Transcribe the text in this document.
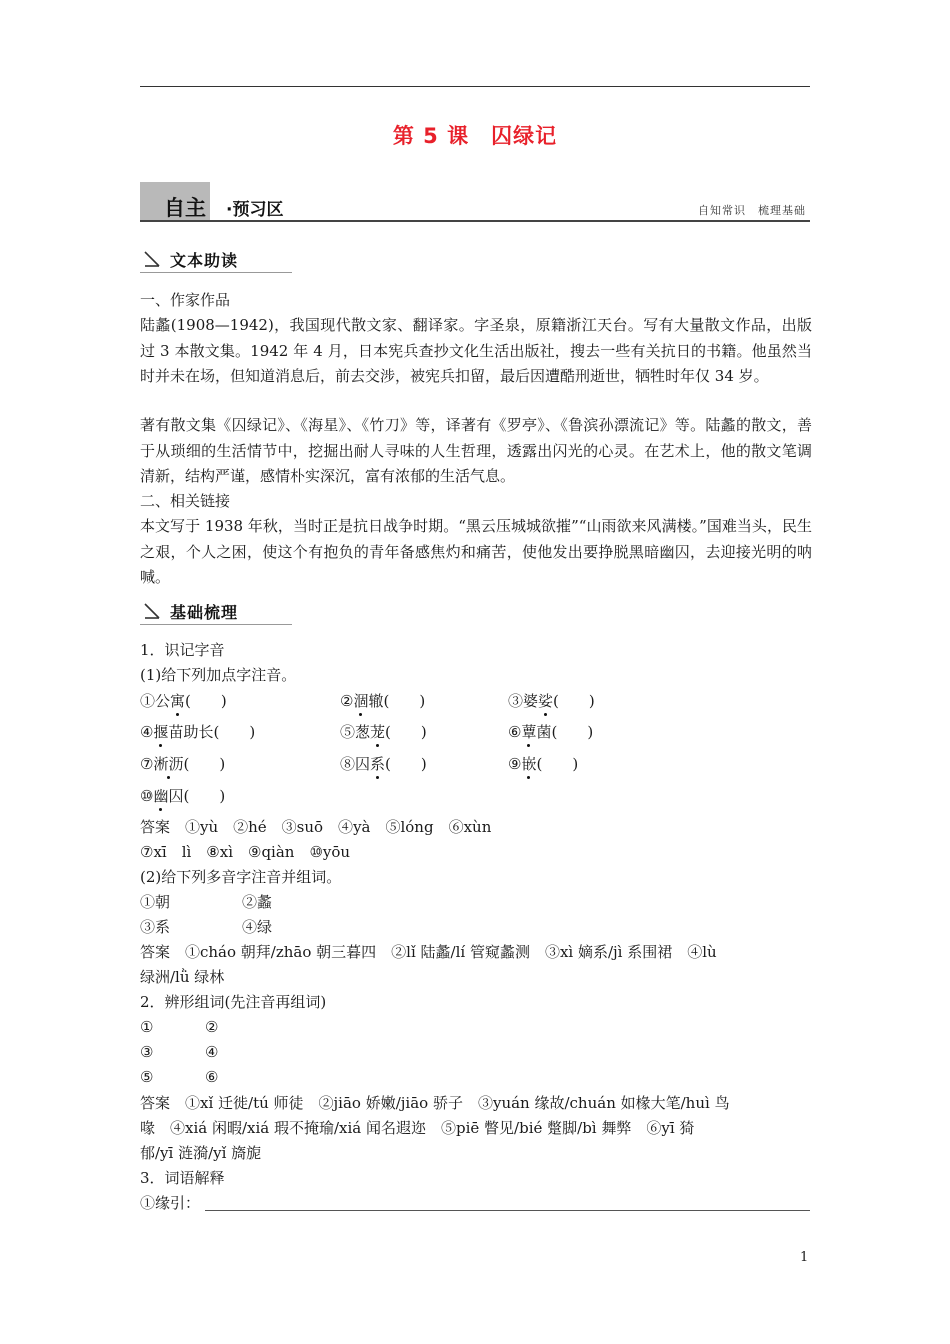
第 5 课 囚绿记
自主 ·预习区	自知常识　梳理基础
文本助读
一、作家作品
陆蠡(1908—1942)，我国现代散文家、翻译家。字圣泉，原籍浙江天台。写有大量散文作品，出版过 3 本散文集。1942 年 4 月，日本宪兵查抄文化生活出版社，搜去一些有关抗日的书籍。他虽然当时并未在场，但知道消息后，前去交涉，被宪兵扣留，最后因遭酷刑逝世，牺牲时年仅 34 岁。
著有散文集《囚绿记》、《海星》、《竹刀》等，译著有《罗亭》、《鲁滨孙漂流记》等。陆蠡的散文，善于从琐细的生活情节中，挖掘出耐人寻味的人生哲理，透露出闪光的心灵。在艺术上，他的散文笔调清新，结构严谨，感情朴实深沉，富有浓郁的生活气息。
二、相关链接
本文写于 1938 年秋，当时正是抗日战争时期。“黑云压城城欲摧”“山雨欲来风满楼。”国难当头，民生之艰，个人之困，使这个有抱负的青年备感焦灼和痛苦，使他发出要挣脱黑暗幽囚，去迎接光明的呐喊。
基础梳理
1．识记字音
(1)给下列加点字注音。
①公寓(　　)	②涸辙(　　)	③婆娑(　　)
④揠苗助长(　　)	⑤葱茏(　　)	⑥蕈菌(　　)
⑦淅沥(　　)	⑧囚系(　　)	⑨嵌(　　)
⑩幽囚(　　)
答案　①yù　②hé　③suō　④yà　⑤lóng　⑥xùn
⑦xī　lì　⑧xì　⑨qiàn　⑩yōu
(2)给下列多音字注音并组词。
①朝	②蠡
③系	④绿
答案　①cháo 朝拜/zhāo 朝三暮四　②lǐ 陆蠡/lí 管窥蠡测　③xì 嫡系/jì 系围裙　④lù
绿洲/lǜ 绿林
2．辨形组词(先注音再组词)
①	②
③	④
⑤	⑥
答案　①xǐ 迁徙/tú 师徒　②jiāo 娇嫩/jiāo 骄子　③yuán 缘故/chuán 如椽大笔/huì 鸟
喙　④xiá 闲暇/xiá 瑕不掩瑜/xiá 闻名遐迩　⑤piē 瞥见/bié 蹩脚/bì 舞弊　⑥yī 猗
郁/yī 涟漪/yǐ 旖旎
3．词语解释
①缘引：
1
